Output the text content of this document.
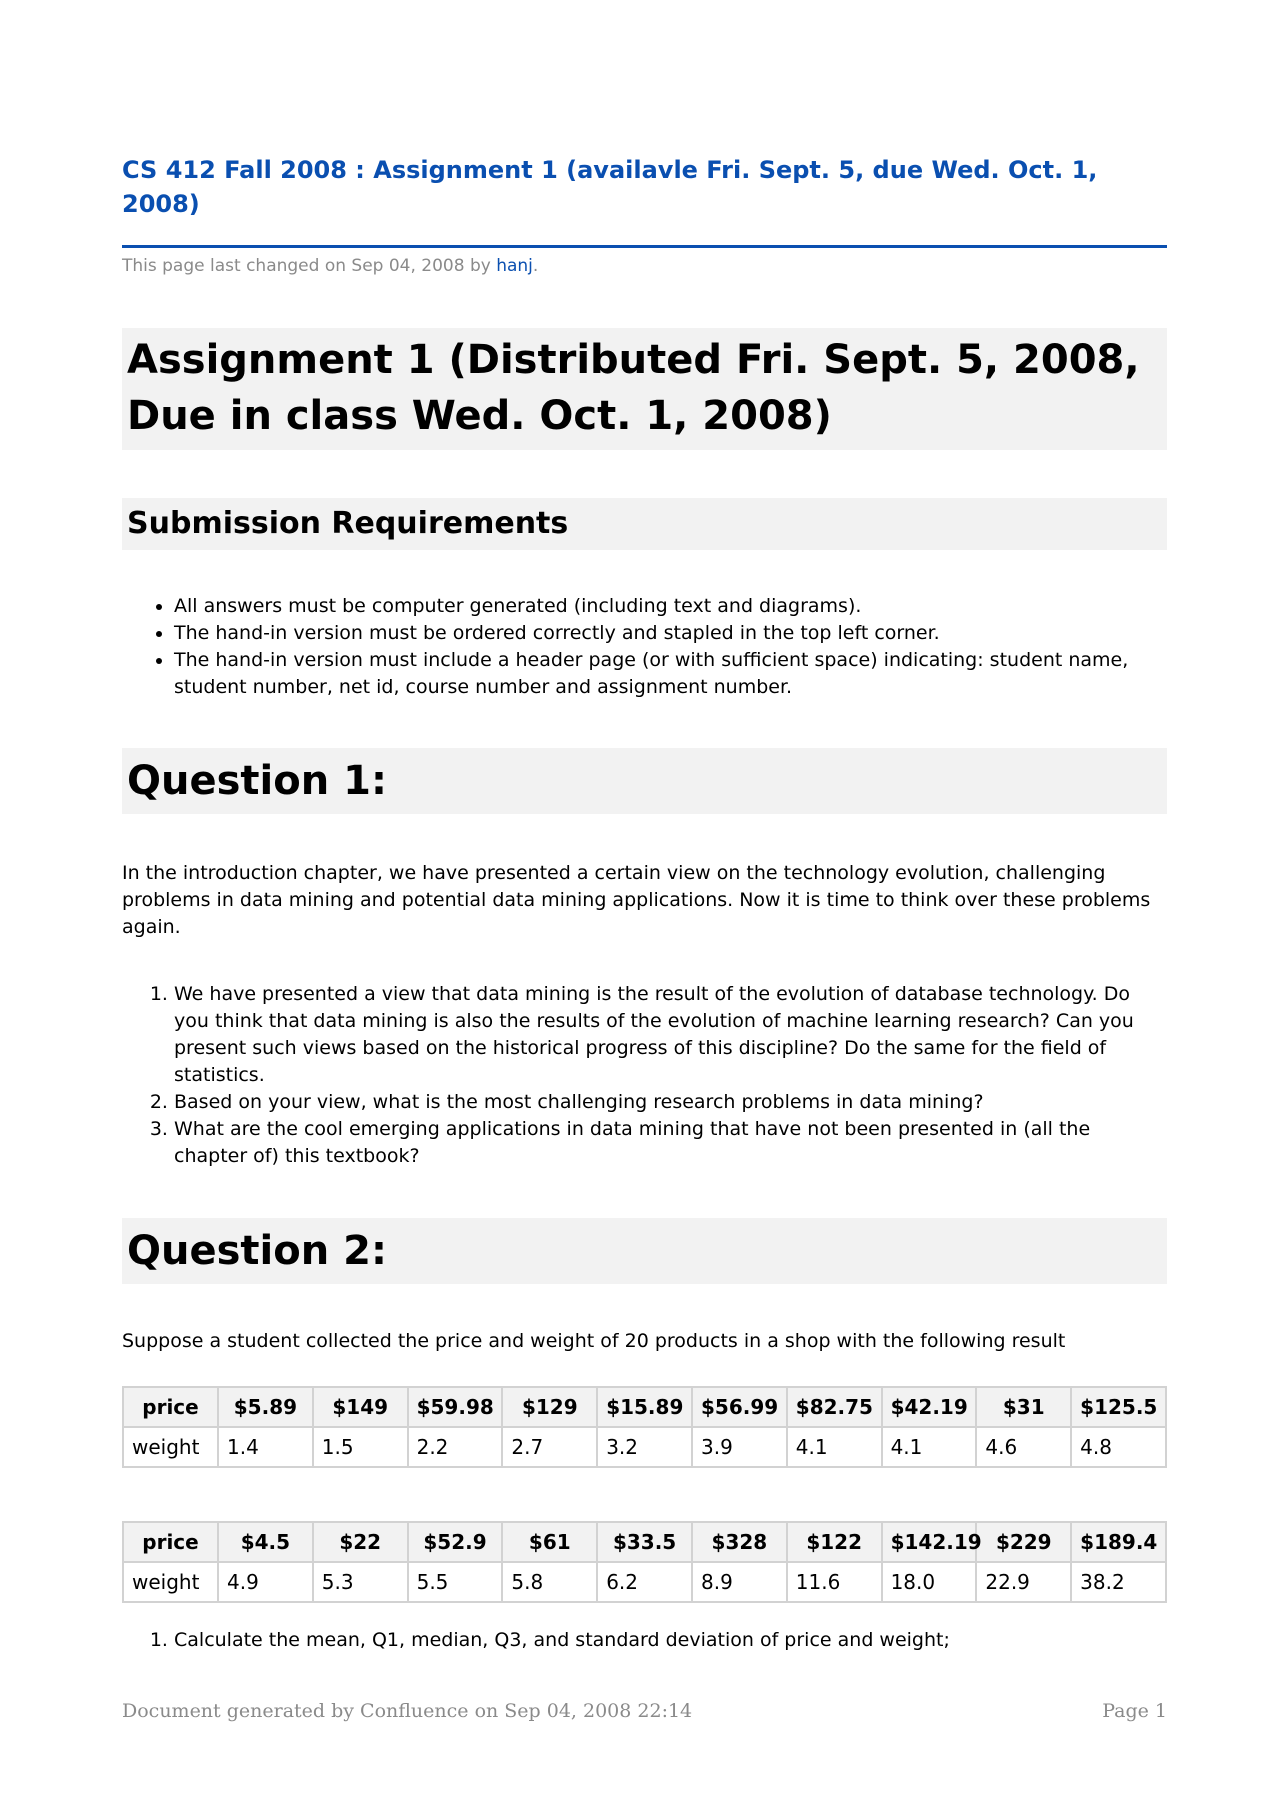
CS 412 Fall 2008 : Assignment 1 (availavle Fri. Sept. 5, due Wed. Oct. 1, 2008)
This page last changed on Sep 04, 2008 by hanj.
Assignment 1 (Distributed Fri. Sept. 5, 2008, Due in class Wed. Oct. 1, 2008)
Submission Requirements
• All answers must be computer generated (including text and diagrams).
• The hand-in version must be ordered correctly and stapled in the top left corner.
• The hand-in version must include a header page (or with sufficient space) indicating: student name, student number, net id, course number and assignment number.
Question 1:

In the introduction chapter, we have presented a certain view on the technology evolution, challenging problems in data mining and potential data mining applications. Now it is time to think over these problems again.

1. We have presented a view that data mining is the result of the evolution of database technology. Do you think that data mining is also the results of the evolution of machine learning research? Can you present such views based on the historical progress of this discipline? Do the same for the field of statistics.
2. Based on your view, what is the most challenging research problems in data mining?
3. What are the cool emerging applications in data mining that have not been presented in (all the chapter of) this textbook?
Question 2:

Suppose a student collected the price and weight of 20 products in a shop with the following result

price	$5.89	$149	$59.98	$129	$15.89	$56.99	$82.75	$42.19	$31	$125.5
weight	1.4	1.5	2.2	2.7	3.2	3.9	4.1	4.1	4.6	4.8
price	$4.5	$22	$52.9	$61	$33.5	$328	$122	$142.19	$229	$189.4
weight	4.9	5.3	5.5	5.8	6.2	8.9	11.6	18.0	22.9	38.2
1. Calculate the mean, Q1, median, Q3, and standard deviation of price and weight;
Document generated by Confluence on Sep 04, 2008 22:14	Page 1
